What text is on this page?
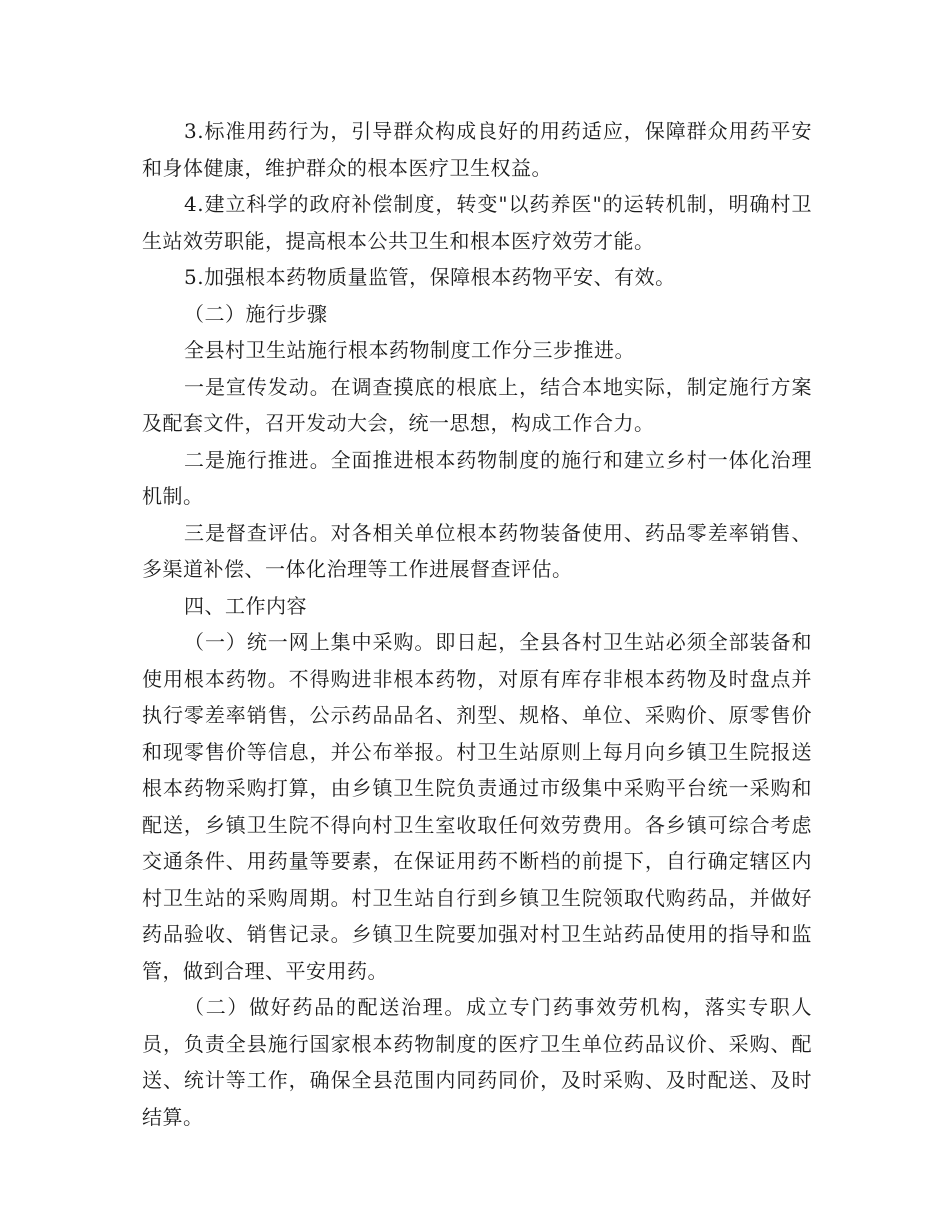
3.标准用药行为，引导群众构成良好的用药适应，保障群众用药平安和身体健康，维护群众的根本医疗卫生权益。

4.建立科学的政府补偿制度，转变"以药养医"的运转机制，明确村卫生站效劳职能，提高根本公共卫生和根本医疗效劳才能。

5.加强根本药物质量监管，保障根本药物平安、有效。

（二）施行步骤

全县村卫生站施行根本药物制度工作分三步推进。

一是宣传发动。在调查摸底的根底上，结合本地实际，制定施行方案及配套文件，召开发动大会，统一思想，构成工作合力。

二是施行推进。全面推进根本药物制度的施行和建立乡村一体化治理机制。

三是督查评估。对各相关单位根本药物装备使用、药品零差率销售、多渠道补偿、一体化治理等工作进展督查评估。

四、工作内容

（一）统一网上集中采购。即日起，全县各村卫生站必须全部装备和使用根本药物。不得购进非根本药物，对原有库存非根本药物及时盘点并执行零差率销售，公示药品品名、剂型、规格、单位、采购价、原零售价和现零售价等信息，并公布举报。村卫生站原则上每月向乡镇卫生院报送根本药物采购打算，由乡镇卫生院负责通过市级集中采购平台统一采购和配送，乡镇卫生院不得向村卫生室收取任何效劳费用。各乡镇可综合考虑交通条件、用药量等要素，在保证用药不断档的前提下，自行确定辖区内村卫生站的采购周期。村卫生站自行到乡镇卫生院领取代购药品，并做好药品验收、销售记录。乡镇卫生院要加强对村卫生站药品使用的指导和监管，做到合理、平安用药。

（二）做好药品的配送治理。成立专门药事效劳机构，落实专职人员，负责全县施行国家根本药物制度的医疗卫生单位药品议价、采购、配送、统计等工作，确保全县范围内同药同价，及时采购、及时配送、及时结算。
